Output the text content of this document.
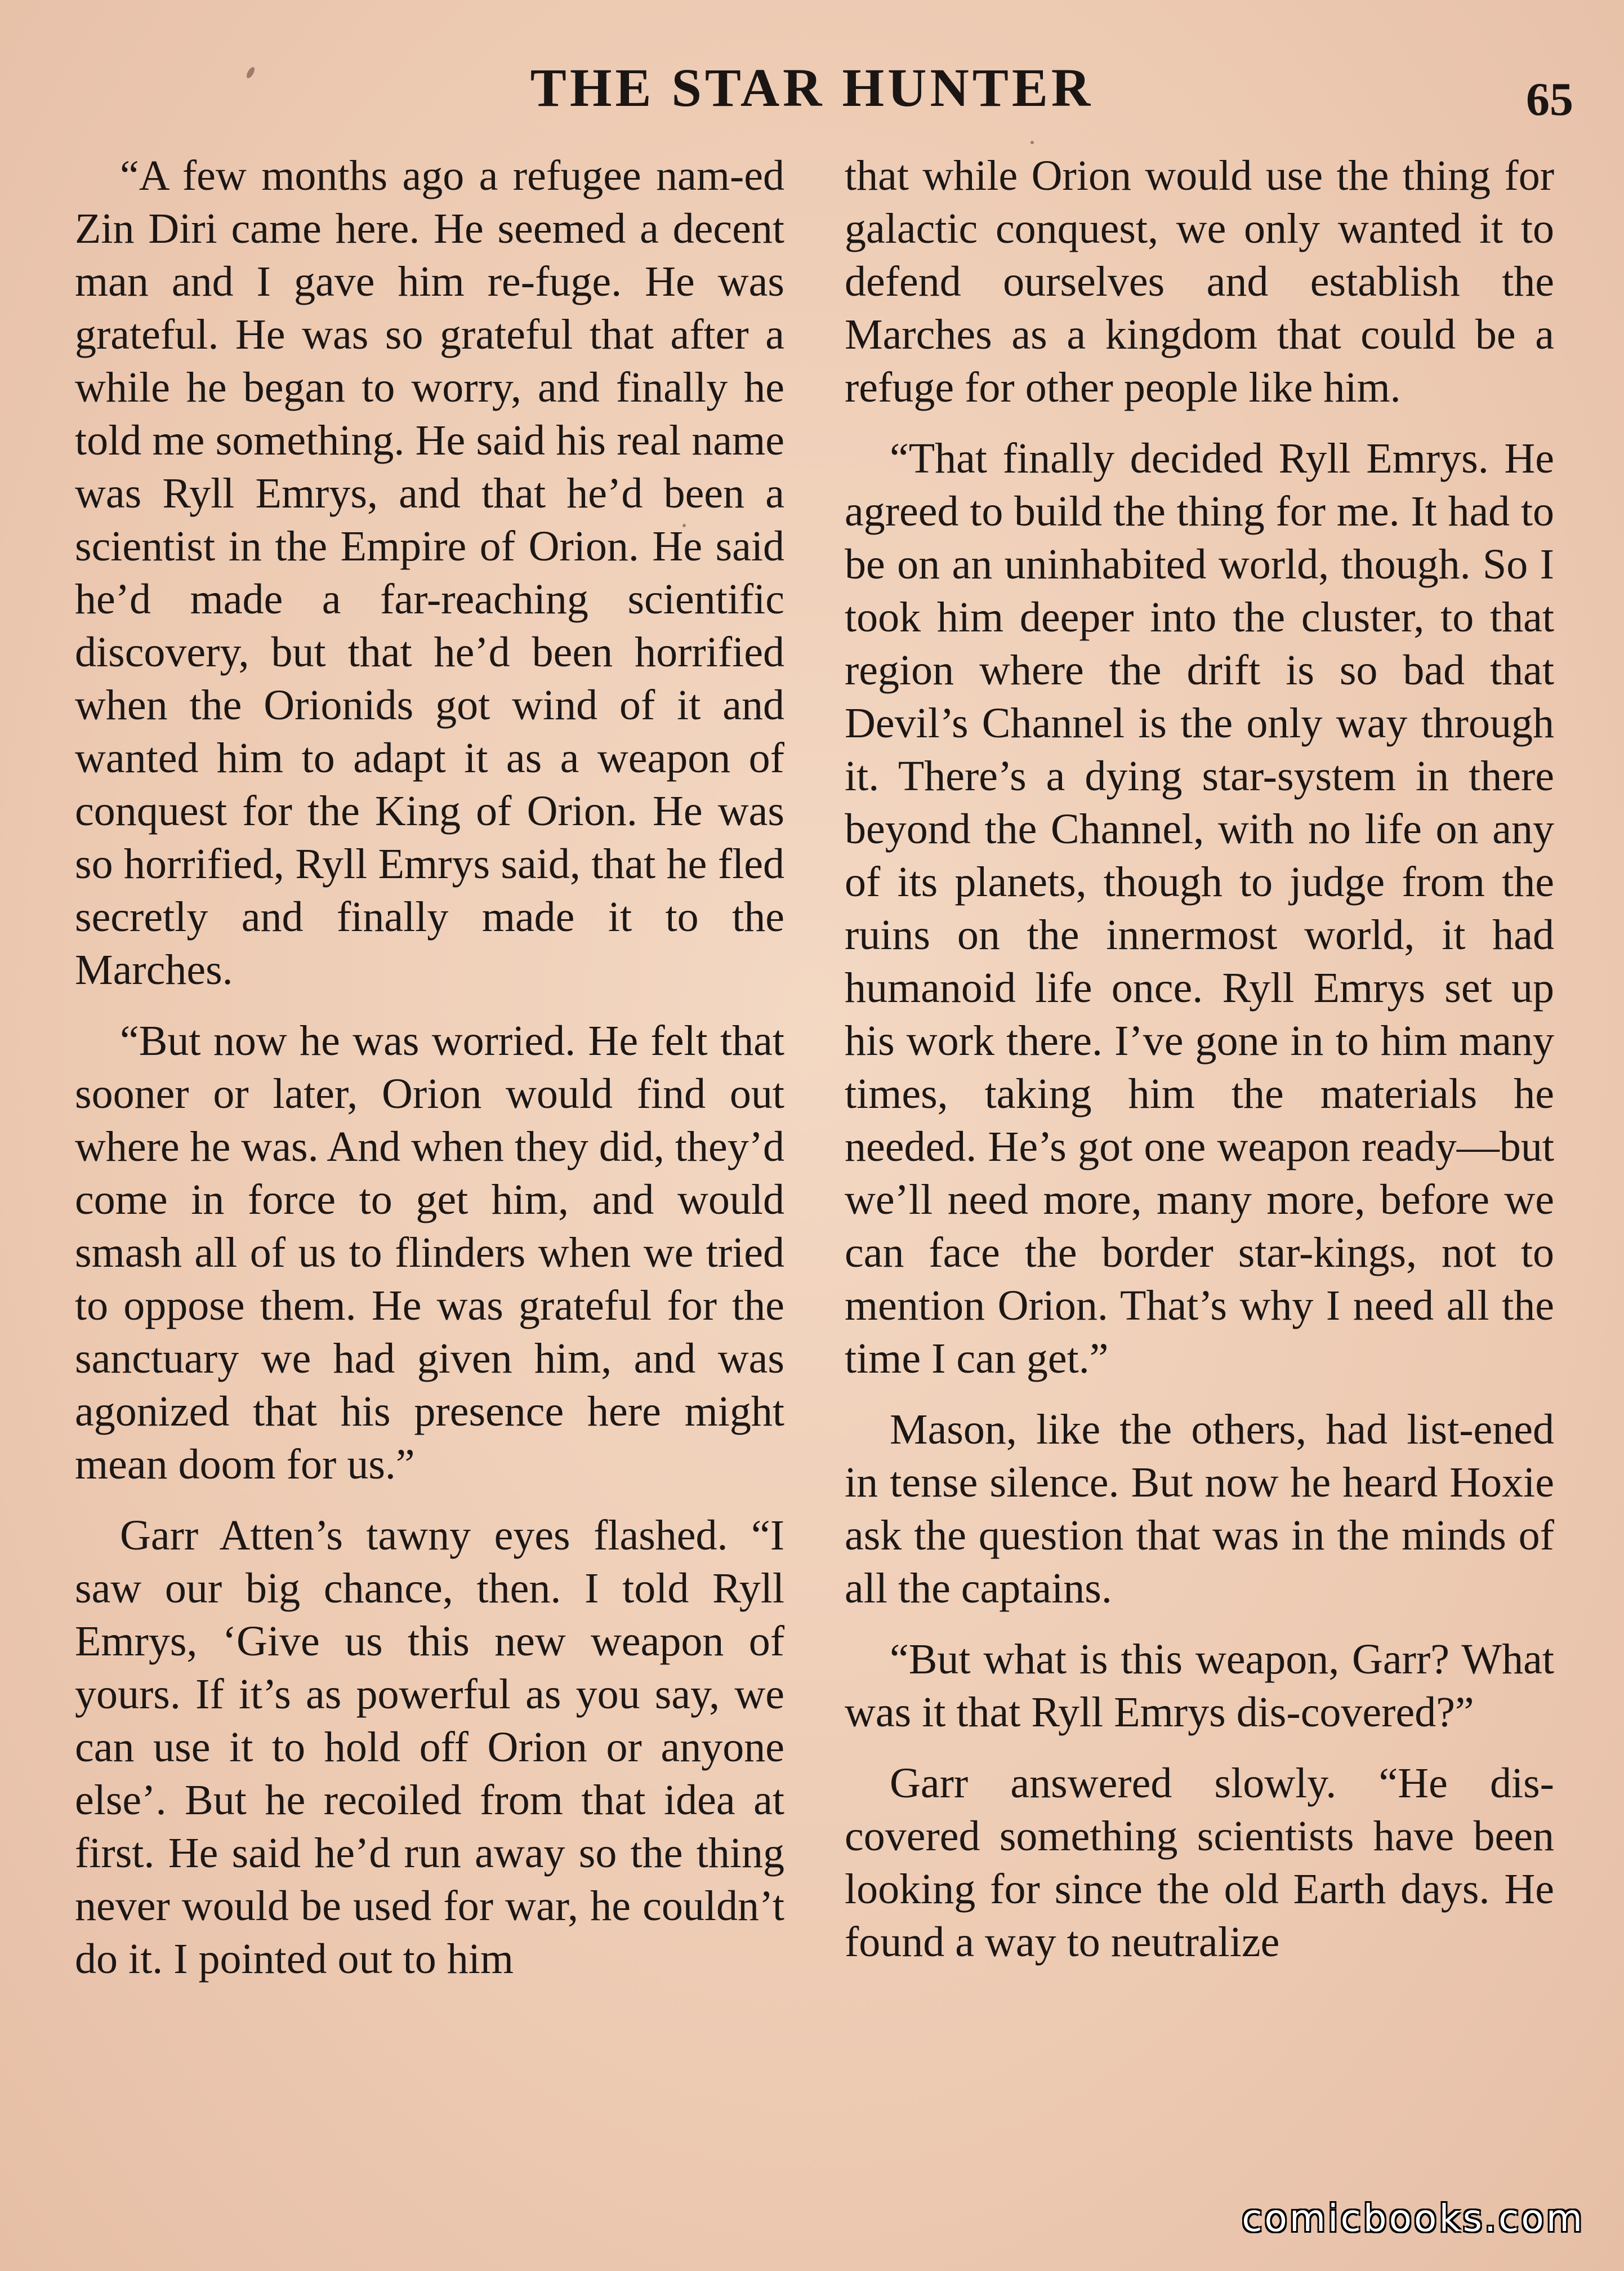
THE STAR HUNTER	65

“A few months ago a refugee nam-ed Zin Diri came here. He seemed a decent man and I gave him re-fuge. He was grateful. He was so grateful that after a while he began to worry, and finally he told me something. He said his real name was Ryll Emrys, and that he’d been a scientist in the Empire of Orion. He said he’d made a far-reaching scientific discovery, but that he’d been horrified when the Orionids got wind of it and wanted him to adapt it as a weapon of conquest for the King of Orion. He was so horrified, Ryll Emrys said, that he fled secretly and finally made it to the Marches.

“But now he was worried. He felt that sooner or later, Orion would find out where he was. And when they did, they’d come in force to get him, and would smash all of us to flinders when we tried to oppose them. He was grateful for the sanctuary we had given him, and was agonized that his presence here might mean doom for us.”

Garr Atten’s tawny eyes flashed. “I saw our big chance, then. I told Ryll Emrys, ‘Give us this new weapon of yours. If it’s as powerful as you say, we can use it to hold off Orion or anyone else’. But he recoiled from that idea at first. He said he’d run away so the thing never would be used for war, he couldn’t do it. I pointed out to him

that while Orion would use the thing for galactic conquest, we only wanted it to defend ourselves and establish the Marches as a kingdom that could be a refuge for other people like him.

“That finally decided Ryll Emrys. He agreed to build the thing for me. It had to be on an uninhabited world, though. So I took him deeper into the cluster, to that region where the drift is so bad that Devil’s Channel is the only way through it. There’s a dying star-system in there beyond the Channel, with no life on any of its planets, though to judge from the ruins on the innermost world, it had humanoid life once. Ryll Emrys set up his work there. I’ve gone in to him many times, taking him the materials he needed. He’s got one weapon ready—but we’ll need more, many more, before we can face the border star-kings, not to mention Orion. That’s why I need all the time I can get.”

Mason, like the others, had list-ened in tense silence. But now he heard Hoxie ask the question that was in the minds of all the captains.

“But what is this weapon, Garr? What was it that Ryll Emrys dis-covered?”

Garr answered slowly. “He dis-covered something scientists have been looking for since the old Earth days. He found a way to neutralize

comicbooks.com
